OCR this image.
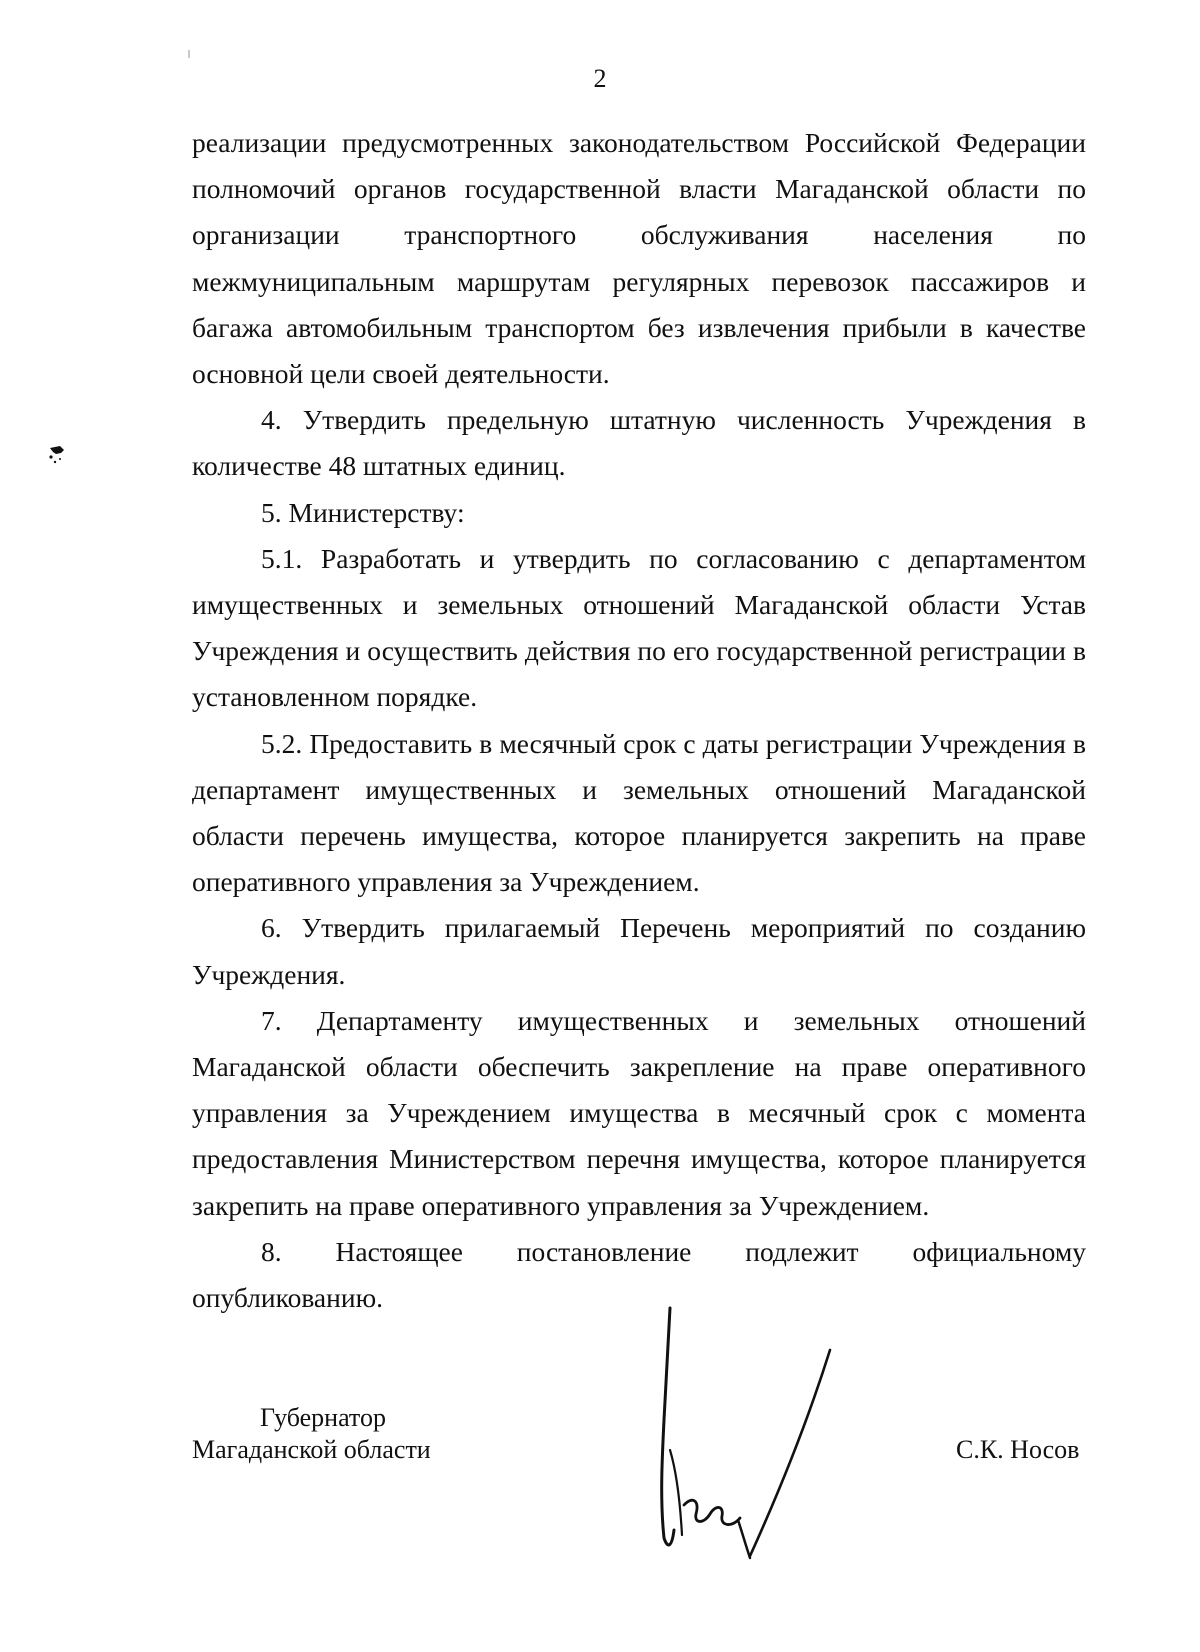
2

реализации предусмотренных законодательством Российской Федерации полномочий органов государственной власти Магаданской области по организации транспортного обслуживания населения по межмуниципальным маршрутам регулярных перевозок пассажиров и багажа автомобильным транспортом без извлечения прибыли в качестве основной цели своей деятельности.

4. Утвердить предельную штатную численность Учреждения в количестве 48 штатных единиц.

5. Министерству:

5.1. Разработать и утвердить по согласованию с департаментом имущественных и земельных отношений Магаданской области Устав Учреждения и осуществить действия по его государственной регистрации в установленном порядке.

5.2. Предоставить в месячный срок с даты регистрации Учреждения в департамент имущественных и земельных отношений Магаданской области перечень имущества, которое планируется закрепить на праве оперативного управления за Учреждением.

6. Утвердить прилагаемый Перечень мероприятий по созданию Учреждения.

7. Департаменту имущественных и земельных отношений Магаданской области обеспечить закрепление на праве оперативного управления за Учреждением имущества в месячный срок с момента предоставления Министерством перечня имущества, которое планируется закрепить на праве оперативного управления за Учреждением.

8. Настоящее постановление подлежит официальному опубликованию.

Губернатор
Магаданской области	С.К. Носов
